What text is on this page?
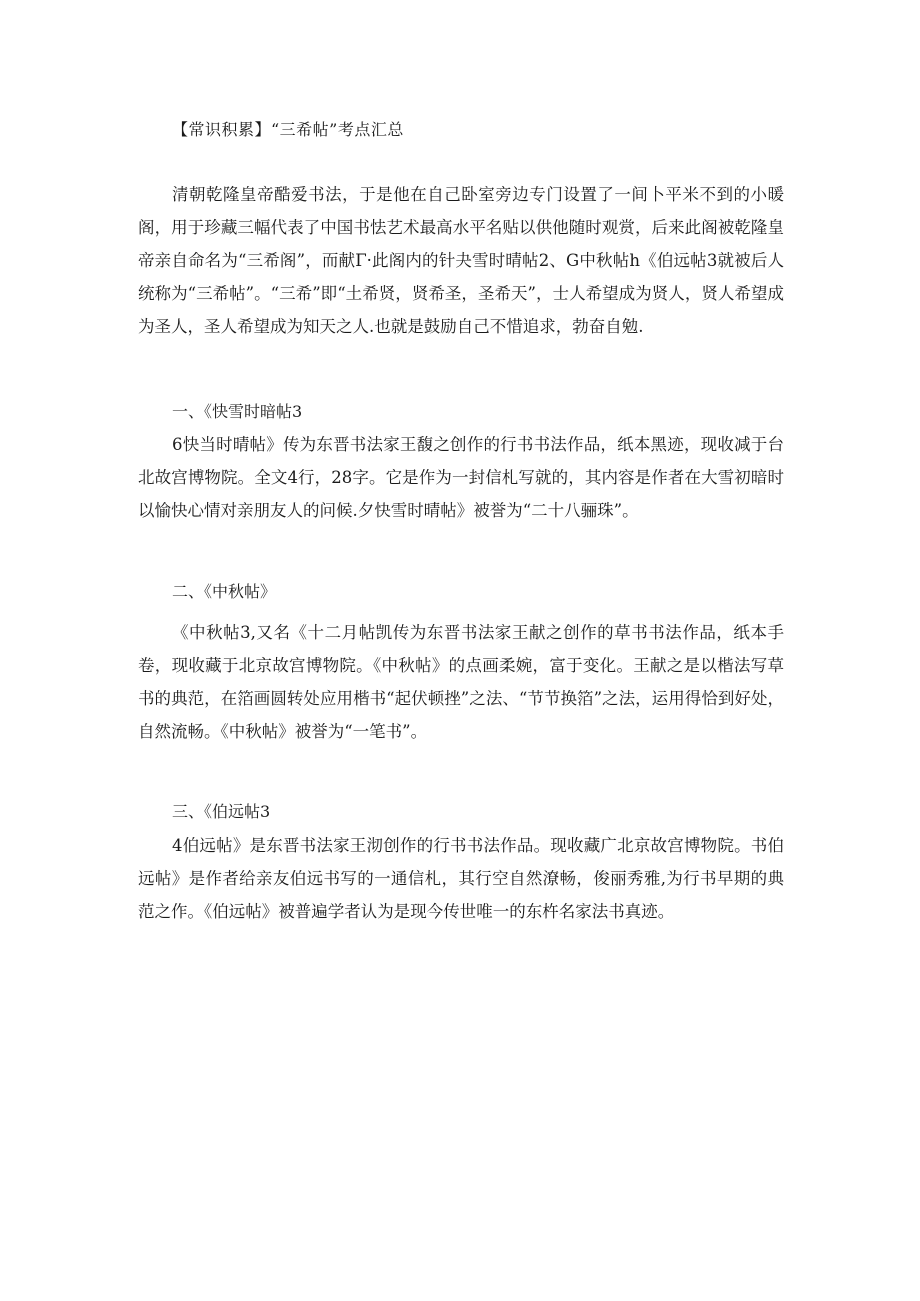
【常识积累】“三希帖”考点汇总

清朝乾隆皇帝酷爱书法，于是他在自己卧室旁边专门设置了一间卜平米不到的小暖阁，用于珍藏三幅代表了中国书怯艺术最高水平名贴以供他随时观赏，后来此阁被乾隆皇帝亲自命名为“三希阁”，而献Γ·此阁内的针夬雪时晴帖2、G中秋帖h《伯远帖3就被后人统称为“三希帖”。“三希”即“土希贤，贤希圣，圣希天”，士人希望成为贤人，贤人希望成为圣人，圣人希望成为知天之人.也就是鼓励自己不惜追求，勃奋自勉.

一、《快雪时暗帖3

6快当时晴帖》传为东晋书法家王馥之创作的行书书法作品，纸本黑迹，现收减于台北故宫博物院。全文4行，28字。它是作为一封信札写就的，其内容是作者在大雪初暗时以愉快心情对亲朋友人的问候.夕快雪时晴帖》被誉为“二十八骊珠”。

二、《中秋帖》

《中秋帖3,又名《十二月帖凯传为东晋书法家王献之创作的草书书法作品，纸本手卷，现收藏于北京故宫博物院。《中秋帖》的点画柔婉，富于变化。王献之是以楷法写草书的典范，在箔画圆转处应用楷书“起伏顿挫”之法、“节节换箔”之法，运用得恰到好处，自然流畅。《中秋帖》被誉为“一笔书”。

三、《伯远帖3

4伯远帖》是东晋书法家王沏创作的行书书法作品。现收藏广北京故宫博物院。书伯远帖》是作者给亲友伯远书写的一通信札，其行空自然潦畅，俊丽秀雅,为行书早期的典范之作。《伯远帖》被普遍学者认为是现今传世唯一的东杵名家法书真迹。
